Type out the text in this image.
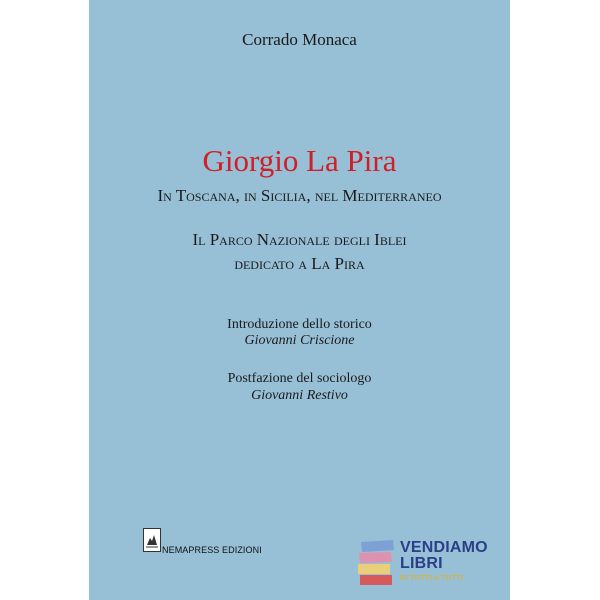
Corrado Monaca
Giorgio La Pira
In Toscana, in Sicilia, nel Mediterraneo
Il Parco Nazionale degli Iblei
dedicato a La Pira
Introduzione dello storico
Giovanni Criscione
Postfazione del sociologo
Giovanni Restivo
NEMAPRESS EDIZIONI	VENDIAMO
LIBRI
DI TUTTI A TUTTI
